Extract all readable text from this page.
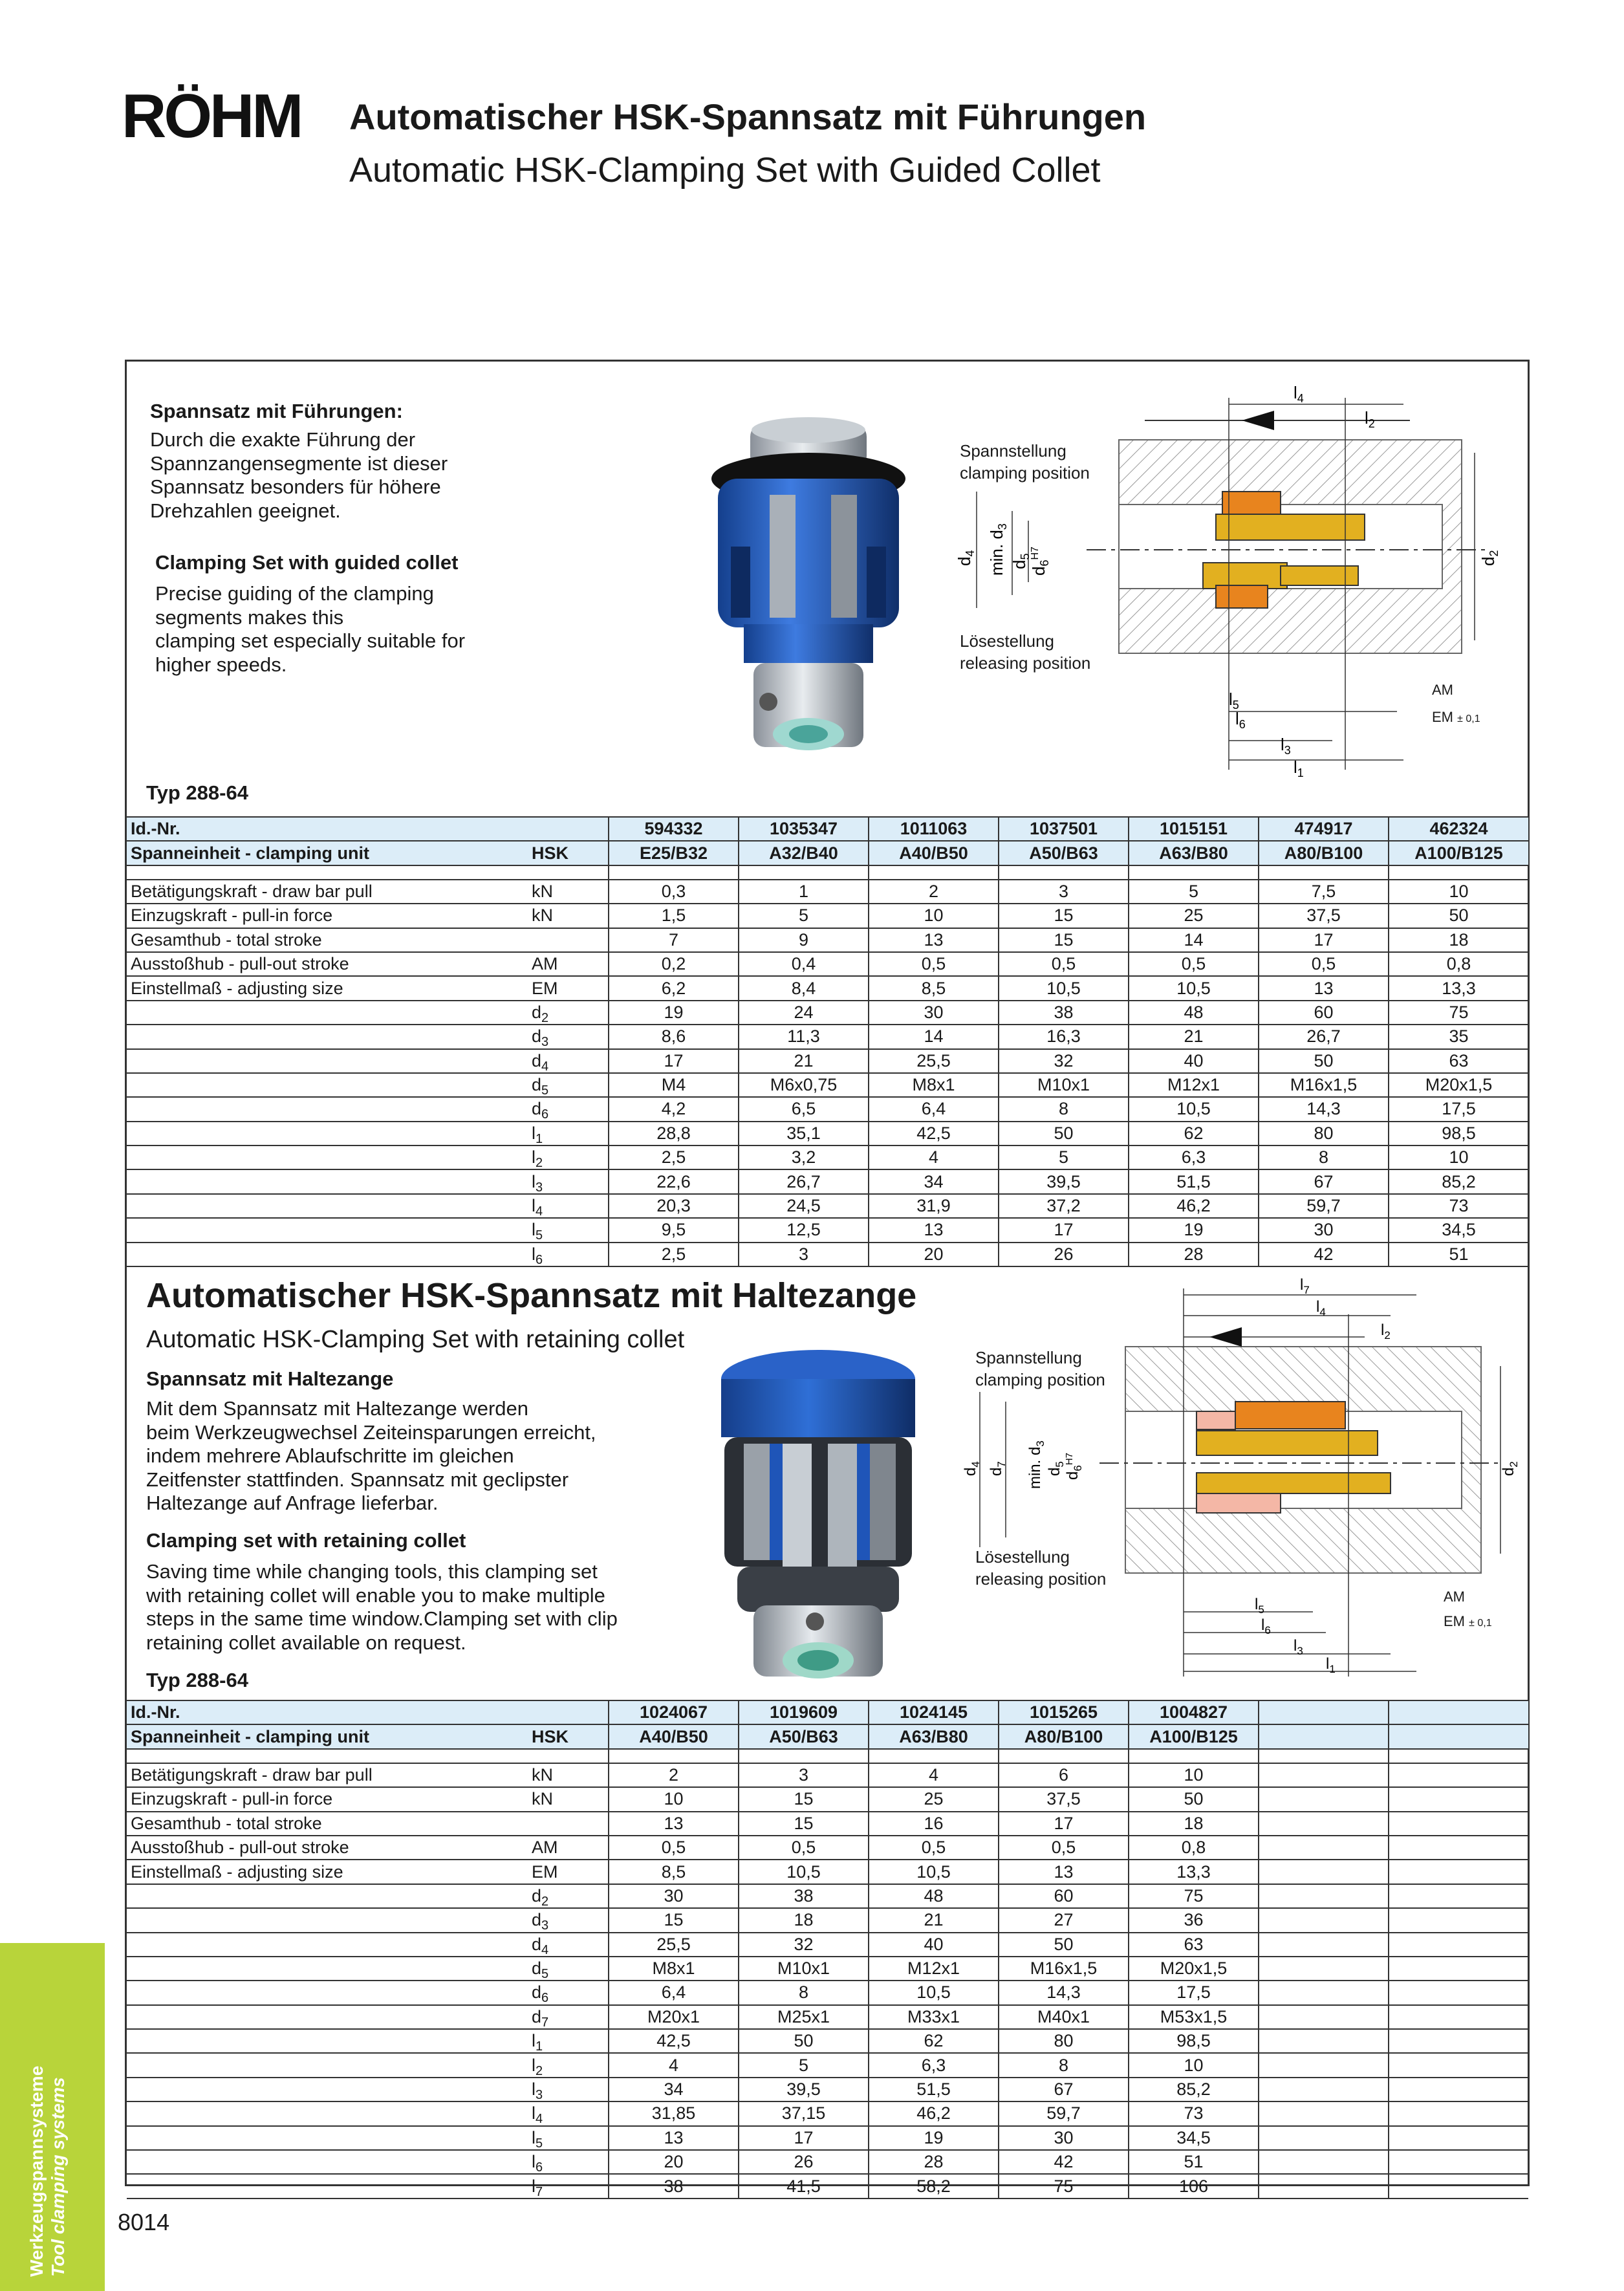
RÖHM Automatischer HSK-Spannsatz mit Führungen
Automatic HSK-Clamping Set with Guided Collet
Spannsatz mit Führungen:
Durch die exakte Führung der
Spannzangensegmente ist dieser
Spannsatz besonders für höhere
Drehzahlen geeignet.
Clamping Set with guided collet
Precise guiding of the clamping
segments makes this
clamping set especially suitable for
higher speeds.
$l_4$
$l_2$
$l_5$
$l_6$
$l_3$
$l_1$
$d_4$ min. $d_3$
$d_5$
$d_6^{H7}$
$d_2$
Spannstellung
clamping position
Lösestellung
releasing position
AM
EM ± 0,1
Typ 288-64
Id.-Nr.		594332	1035347	1011063	1037501	1015151	474917	462324
Spanneinheit - clamping unit	HSK	E25/B32	A32/B40	A40/B50	A50/B63	A63/B80	A80/B100	A100/B125

Betätigungskraft - draw bar pull	kN	0,3	1	2	3	5	7,5	10
Einzugskraft - pull-in force	kN	1,5	5	10	15	25	37,5	50
Gesamthub - total stroke		7	9	13	15	14	17	18
Ausstoßhub - pull-out stroke	AM	0,2	0,4	0,5	0,5	0,5	0,5	0,8
Einstellmaß - adjusting size	EM	6,2	8,4	8,5	10,5	10,5	13	13,3
	$d_2$	19	24	30	38	48	60	75
	$d_3$	8,6	11,3	14	16,3	21	26,7	35
	$d_4$	17	21	25,5	32	40	50	63
	$d_5$	M4	M6x0,75	M8x1	M10x1	M12x1	M16x1,5	M20x1,5
	$d_6$	4,2	6,5	6,4	8	10,5	14,3	17,5
	$l_1$	28,8	35,1	42,5	50	62	80	98,5
	$l_2$	2,5	3,2	4	5	6,3	8	10
	$l_3$	22,6	26,7	34	39,5	51,5	67	85,2
	$l_4$	20,3	24,5	31,9	37,2	46,2	59,7	73
	$l_5$	9,5	12,5	13	17	19	30	34,5
	$l_6$	2,5	3	20	26	28	42	51
Automatischer HSK-Spannsatz mit Haltezange
Automatic HSK-Clamping Set with retaining collet
Spannsatz mit Haltezange
Mit dem Spannsatz mit Haltezange werden
beim Werkzeugwechsel Zeiteinsparungen erreicht,
indem mehrere Ablaufschritte im gleichen
Zeitfenster stattfinden. Spannsatz mit geclipster
Haltezange auf Anfrage lieferbar.
Clamping set with retaining collet
Saving time while changing tools, this clamping set
with retaining collet will enable you to make multiple
steps in the same time window.Clamping set with clip
retaining collet available on request.
Typ 288-64
$l_7$
$l_4$
$l_2$
$l_5$
$l_6$
$l_3$
$l_1$
$d_4$
$d_7$ min. $d_3$
$d_5$
$d_6^{H7}$
$d_2$
Spannstellung
clamping position
Lösestellung
releasing position
AM
EM ± 0,1
Id.-Nr.		1024067	1019609	1024145	1015265	1004827		
Spanneinheit - clamping unit	HSK	A40/B50	A50/B63	A63/B80	A80/B100	A100/B125		

Betätigungskraft - draw bar pull	kN	2	3	4	6	10		
Einzugskraft - pull-in force	kN	10	15	25	37,5	50		
Gesamthub - total stroke		13	15	16	17	18		
Ausstoßhub - pull-out stroke	AM	0,5	0,5	0,5	0,5	0,8		
Einstellmaß - adjusting size	EM	8,5	10,5	10,5	13	13,3		
	$d_2$	30	38	48	60	75		
	$d_3$	15	18	21	27	36		
	$d_4$	25,5	32	40	50	63		
	$d_5$	M8x1	M10x1	M12x1	M16x1,5	M20x1,5		
	$d_6$	6,4	8	10,5	14,3	17,5		
	$d_7$	M20x1	M25x1	M33x1	M40x1	M53x1,5		
	$l_1$	42,5	50	62	80	98,5		
	$l_2$	4	5	6,3	8	10		
	$l_3$	34	39,5	51,5	67	85,2		
	$l_4$	31,85	37,15	46,2	59,7	73		
	$l_5$	13	17	19	30	34,5		
	$l_6$	20	26	28	42	51		
	$l_7$	38	41,5	58,2	75	106		
Werkzeugspannsysteme Tool clamping systems 8014
